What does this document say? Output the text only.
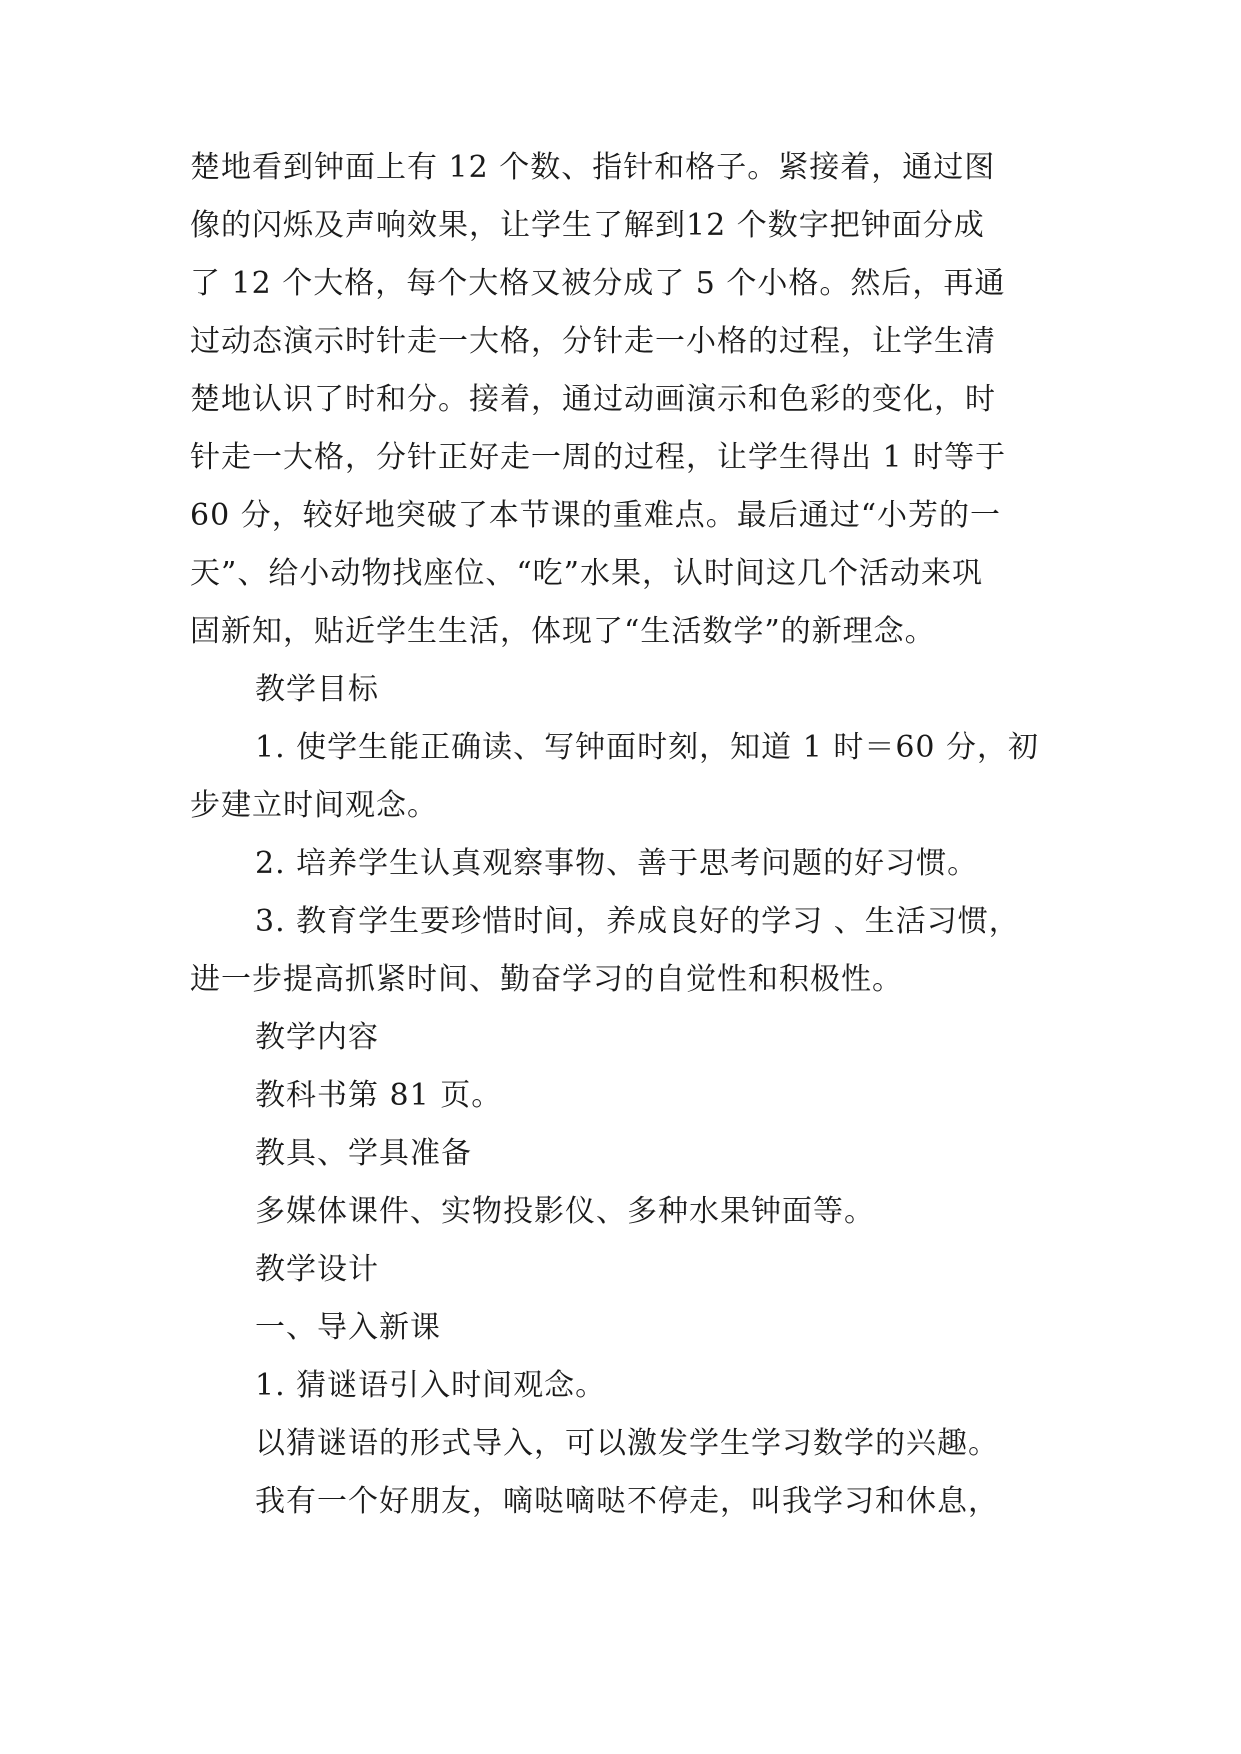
楚地看到钟面上有 12 个数、指针和格子。紧接着，通过图
像的闪烁及声响效果，让学生了解到12 个数字把钟面分成
了 12 个大格，每个大格又被分成了 5 个小格。然后，再通
过动态演示时针走一大格，分针走一小格的过程，让学生清
楚地认识了时和分。接着，通过动画演示和色彩的变化，时
针走一大格，分针正好走一周的过程，让学生得出 1 时等于
60 分，较好地突破了本节课的重难点。最后通过“小芳的一
天”、给小动物找座位、“吃”水果，认时间这几个活动来巩
固新知，贴近学生生活，体现了“生活数学”的新理念。
教学目标
1. 使学生能正确读、写钟面时刻，知道 1 时＝60 分，初
步建立时间观念。
2. 培养学生认真观察事物、善于思考问题的好习惯。
3. 教育学生要珍惜时间，养成良好的学习 、生活习惯，
进一步提高抓紧时间、勤奋学习的自觉性和积极性。
教学内容
教科书第 81 页。
教具、学具准备
多媒体课件、实物投影仪、多种水果钟面等。
教学设计
一、导入新课
1. 猜谜语引入时间观念。
以猜谜语的形式导入，可以激发学生学习数学的兴趣。
我有一个好朋友，嘀哒嘀哒不停走，叫我学习和休息，
